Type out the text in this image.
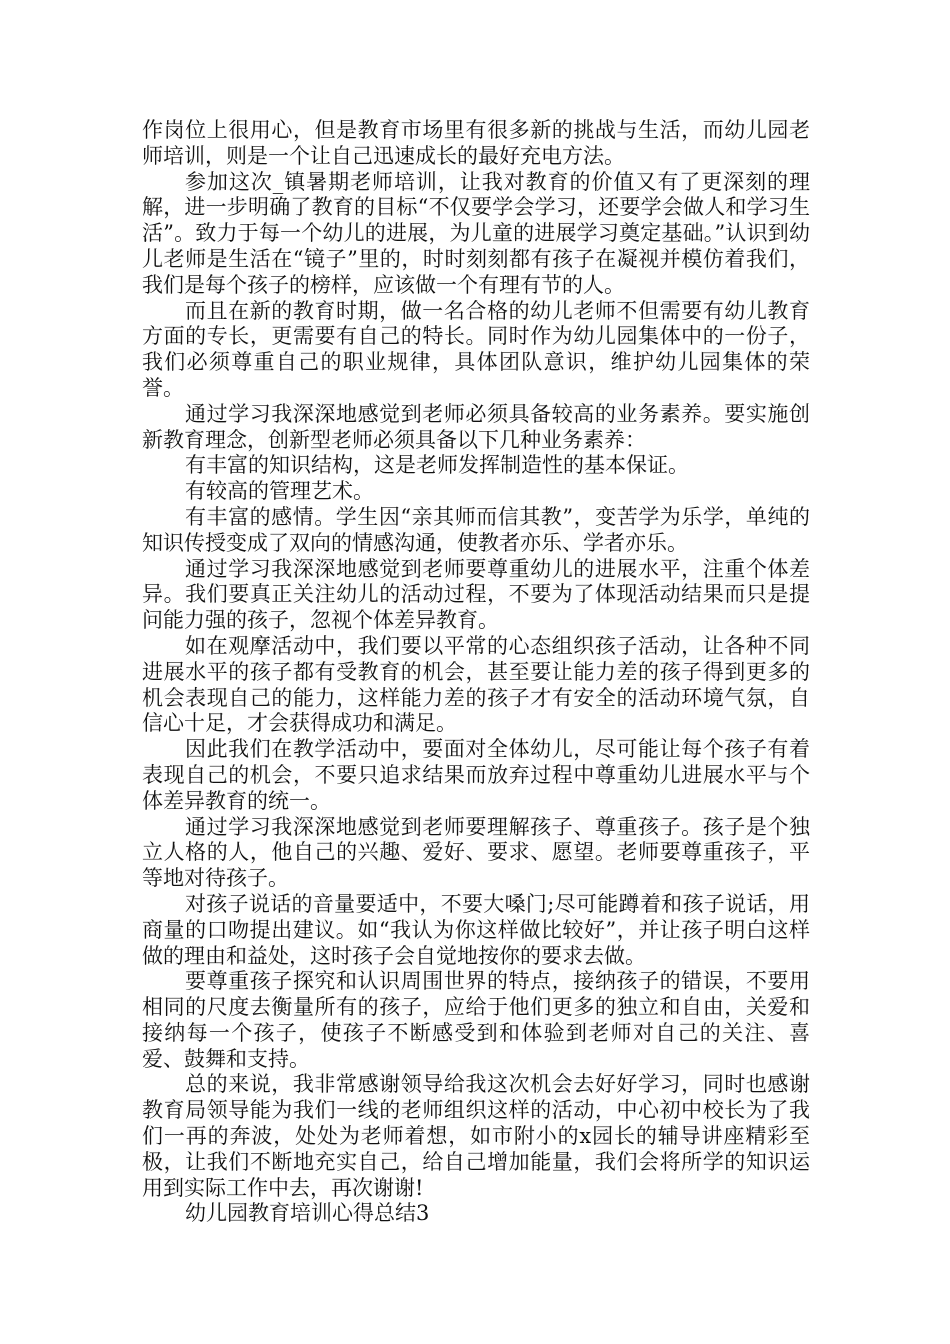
作岗位上很用心，但是教育市场里有很多新的挑战与生活，而幼儿园老师培训，则是一个让自己迅速成长的最好充电方法。

参加这次_镇暑期老师培训，让我对教育的价值又有了更深刻的理解，进一步明确了教育的目标“不仅要学会学习，还要学会做人和学习生活”。致力于每一个幼儿的进展，为儿童的进展学习奠定基础。”认识到幼儿老师是生活在“镜子”里的，时时刻刻都有孩子在凝视并模仿着我们，我们是每个孩子的榜样，应该做一个有理有节的人。

而且在新的教育时期，做一名合格的幼儿老师不但需要有幼儿教育方面的专长，更需要有自己的特长。同时作为幼儿园集体中的一份子，我们必须尊重自己的职业规律，具体团队意识，维护幼儿园集体的荣誉。

通过学习我深深地感觉到老师必须具备较高的业务素养。要实施创新教育理念，创新型老师必须具备以下几种业务素养：

有丰富的知识结构，这是老师发挥制造性的基本保证。

有较高的管理艺术。

有丰富的感情。学生因“亲其师而信其教”，变苦学为乐学，单纯的知识传授变成了双向的情感沟通，使教者亦乐、学者亦乐。

通过学习我深深地感觉到老师要尊重幼儿的进展水平，注重个体差异。我们要真正关注幼儿的活动过程，不要为了体现活动结果而只是提问能力强的孩子，忽视个体差异教育。

如在观摩活动中，我们要以平常的心态组织孩子活动，让各种不同进展水平的孩子都有受教育的机会，甚至要让能力差的孩子得到更多的机会表现自己的能力，这样能力差的孩子才有安全的活动环境气氛，自信心十足，才会获得成功和满足。

因此我们在教学活动中，要面对全体幼儿，尽可能让每个孩子有着表现自己的机会，不要只追求结果而放弃过程中尊重幼儿进展水平与个体差异教育的统一。

通过学习我深深地感觉到老师要理解孩子、尊重孩子。孩子是个独立人格的人，他自己的兴趣、爱好、要求、愿望。老师要尊重孩子，平等地对待孩子。

对孩子说话的音量要适中，不要大嗓门;尽可能蹲着和孩子说话，用商量的口吻提出建议。如“我认为你这样做比较好”，并让孩子明白这样做的理由和益处，这时孩子会自觉地按你的要求去做。

要尊重孩子探究和认识周围世界的特点，接纳孩子的错误，不要用相同的尺度去衡量所有的孩子，应给于他们更多的独立和自由，关爱和接纳每一个孩子，使孩子不断感受到和体验到老师对自己的关注、喜爱、鼓舞和支持。

总的来说，我非常感谢领导给我这次机会去好好学习，同时也感谢教育局领导能为我们一线的老师组织这样的活动，中心初中校长为了我们一再的奔波，处处为老师着想，如市附小的x园长的辅导讲座精彩至极，让我们不断地充实自己，给自己增加能量，我们会将所学的知识运用到实际工作中去，再次谢谢!

幼儿园教育培训心得总结3
